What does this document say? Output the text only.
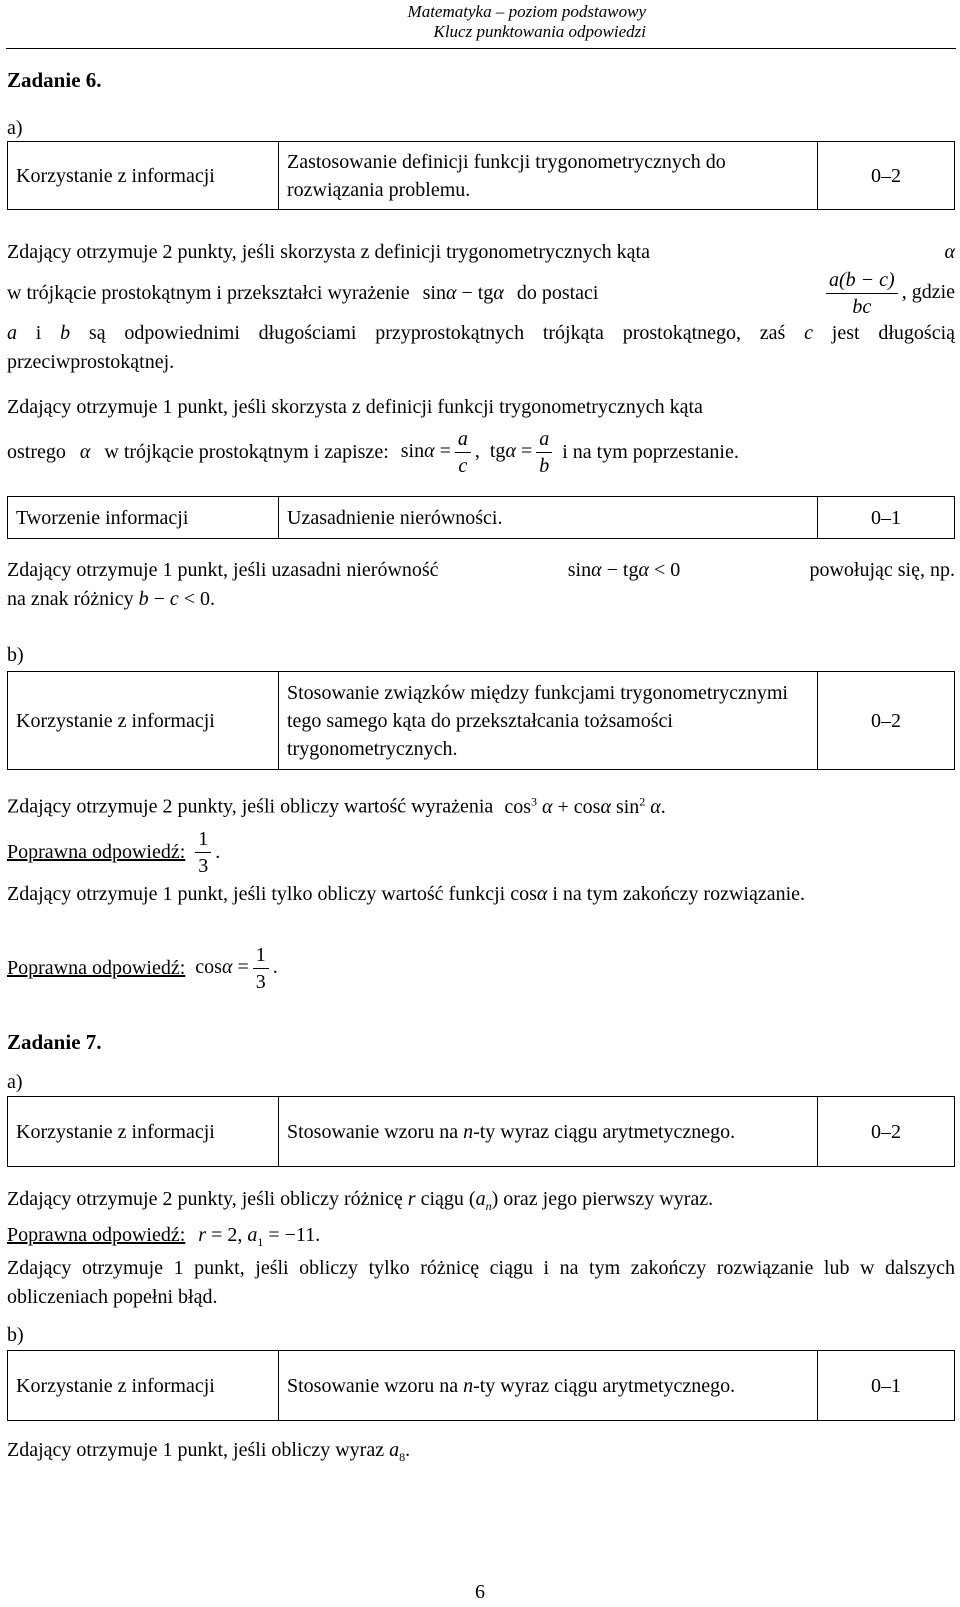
Matematyka – poziom podstawowy
Klucz punktowania odpowiedzi
Zadanie 6.
a)
Korzystanie z informacji	Zastosowanie definicji funkcji trygonometrycznych do rozwiązania problemu.	0–2
Zdający otrzymuje 2 punkty, jeśli skorzysta z definicji trygonometrycznych kąta	α
w trójkącie prostokątnym i przekształci wyrażenie sinα − tgα do postaci	$\frac{a(b - c)}{bc}$ , gdzie
a i b są odpowiednimi długościami przyprostokątnych trójkąta prostokątnego, zaś c jest długością przeciwprostokątnej.
Zdający otrzymuje 1 punkt, jeśli skorzysta z definicji funkcji trygonometrycznych kąta
ostrego α w trójkącie prostokątnym i zapisze: $\sin\alpha = \frac{a}{c}$ , $tg\alpha = \frac{a}{b}$ i na tym poprzestanie.
Tworzenie informacji	Uzasadnienie nierówności.	0–1
Zdający otrzymuje 1 punkt, jeśli uzasadni nierówność	sinα − tgα < 0	powołując się, np.
na znak różnicy b − c < 0.
b)
Korzystanie z informacji	Stosowanie związków między funkcjami trygonometrycznymi tego samego kąta do przekształcania tożsamości trygonometrycznych.	0–2
Zdający otrzymuje 2 punkty, jeśli obliczy wartość wyrażenia $\cos^3 \alpha + \cos\alpha$ $\sin^2 \alpha$.
Poprawna odpowiedź: $\frac{1}{3}$ .
Zdający otrzymuje 1 punkt, jeśli tylko obliczy wartość funkcji cosα i na tym zakończy rozwiązanie.
Poprawna odpowiedź: $\cos\alpha = \frac{1}{3}$ .
Zadanie 7.
a)
Korzystanie z informacji	Stosowanie wzoru na n-ty wyraz ciągu arytmetycznego.	0–2
Zdający otrzymuje 2 punkty, jeśli obliczy różnicę r ciągu $(a_n)$ oraz jego pierwszy wyraz.
Poprawna odpowiedź: r = 2, $a_1 = -11$.
Zdający otrzymuje 1 punkt, jeśli obliczy tylko różnicę ciągu i na tym zakończy rozwiązanie lub w dalszych obliczeniach popełni błąd.
b)
Korzystanie z informacji	Stosowanie wzoru na n-ty wyraz ciągu arytmetycznego.	0–1
Zdający otrzymuje 1 punkt, jeśli obliczy wyraz $a_8$.
6
